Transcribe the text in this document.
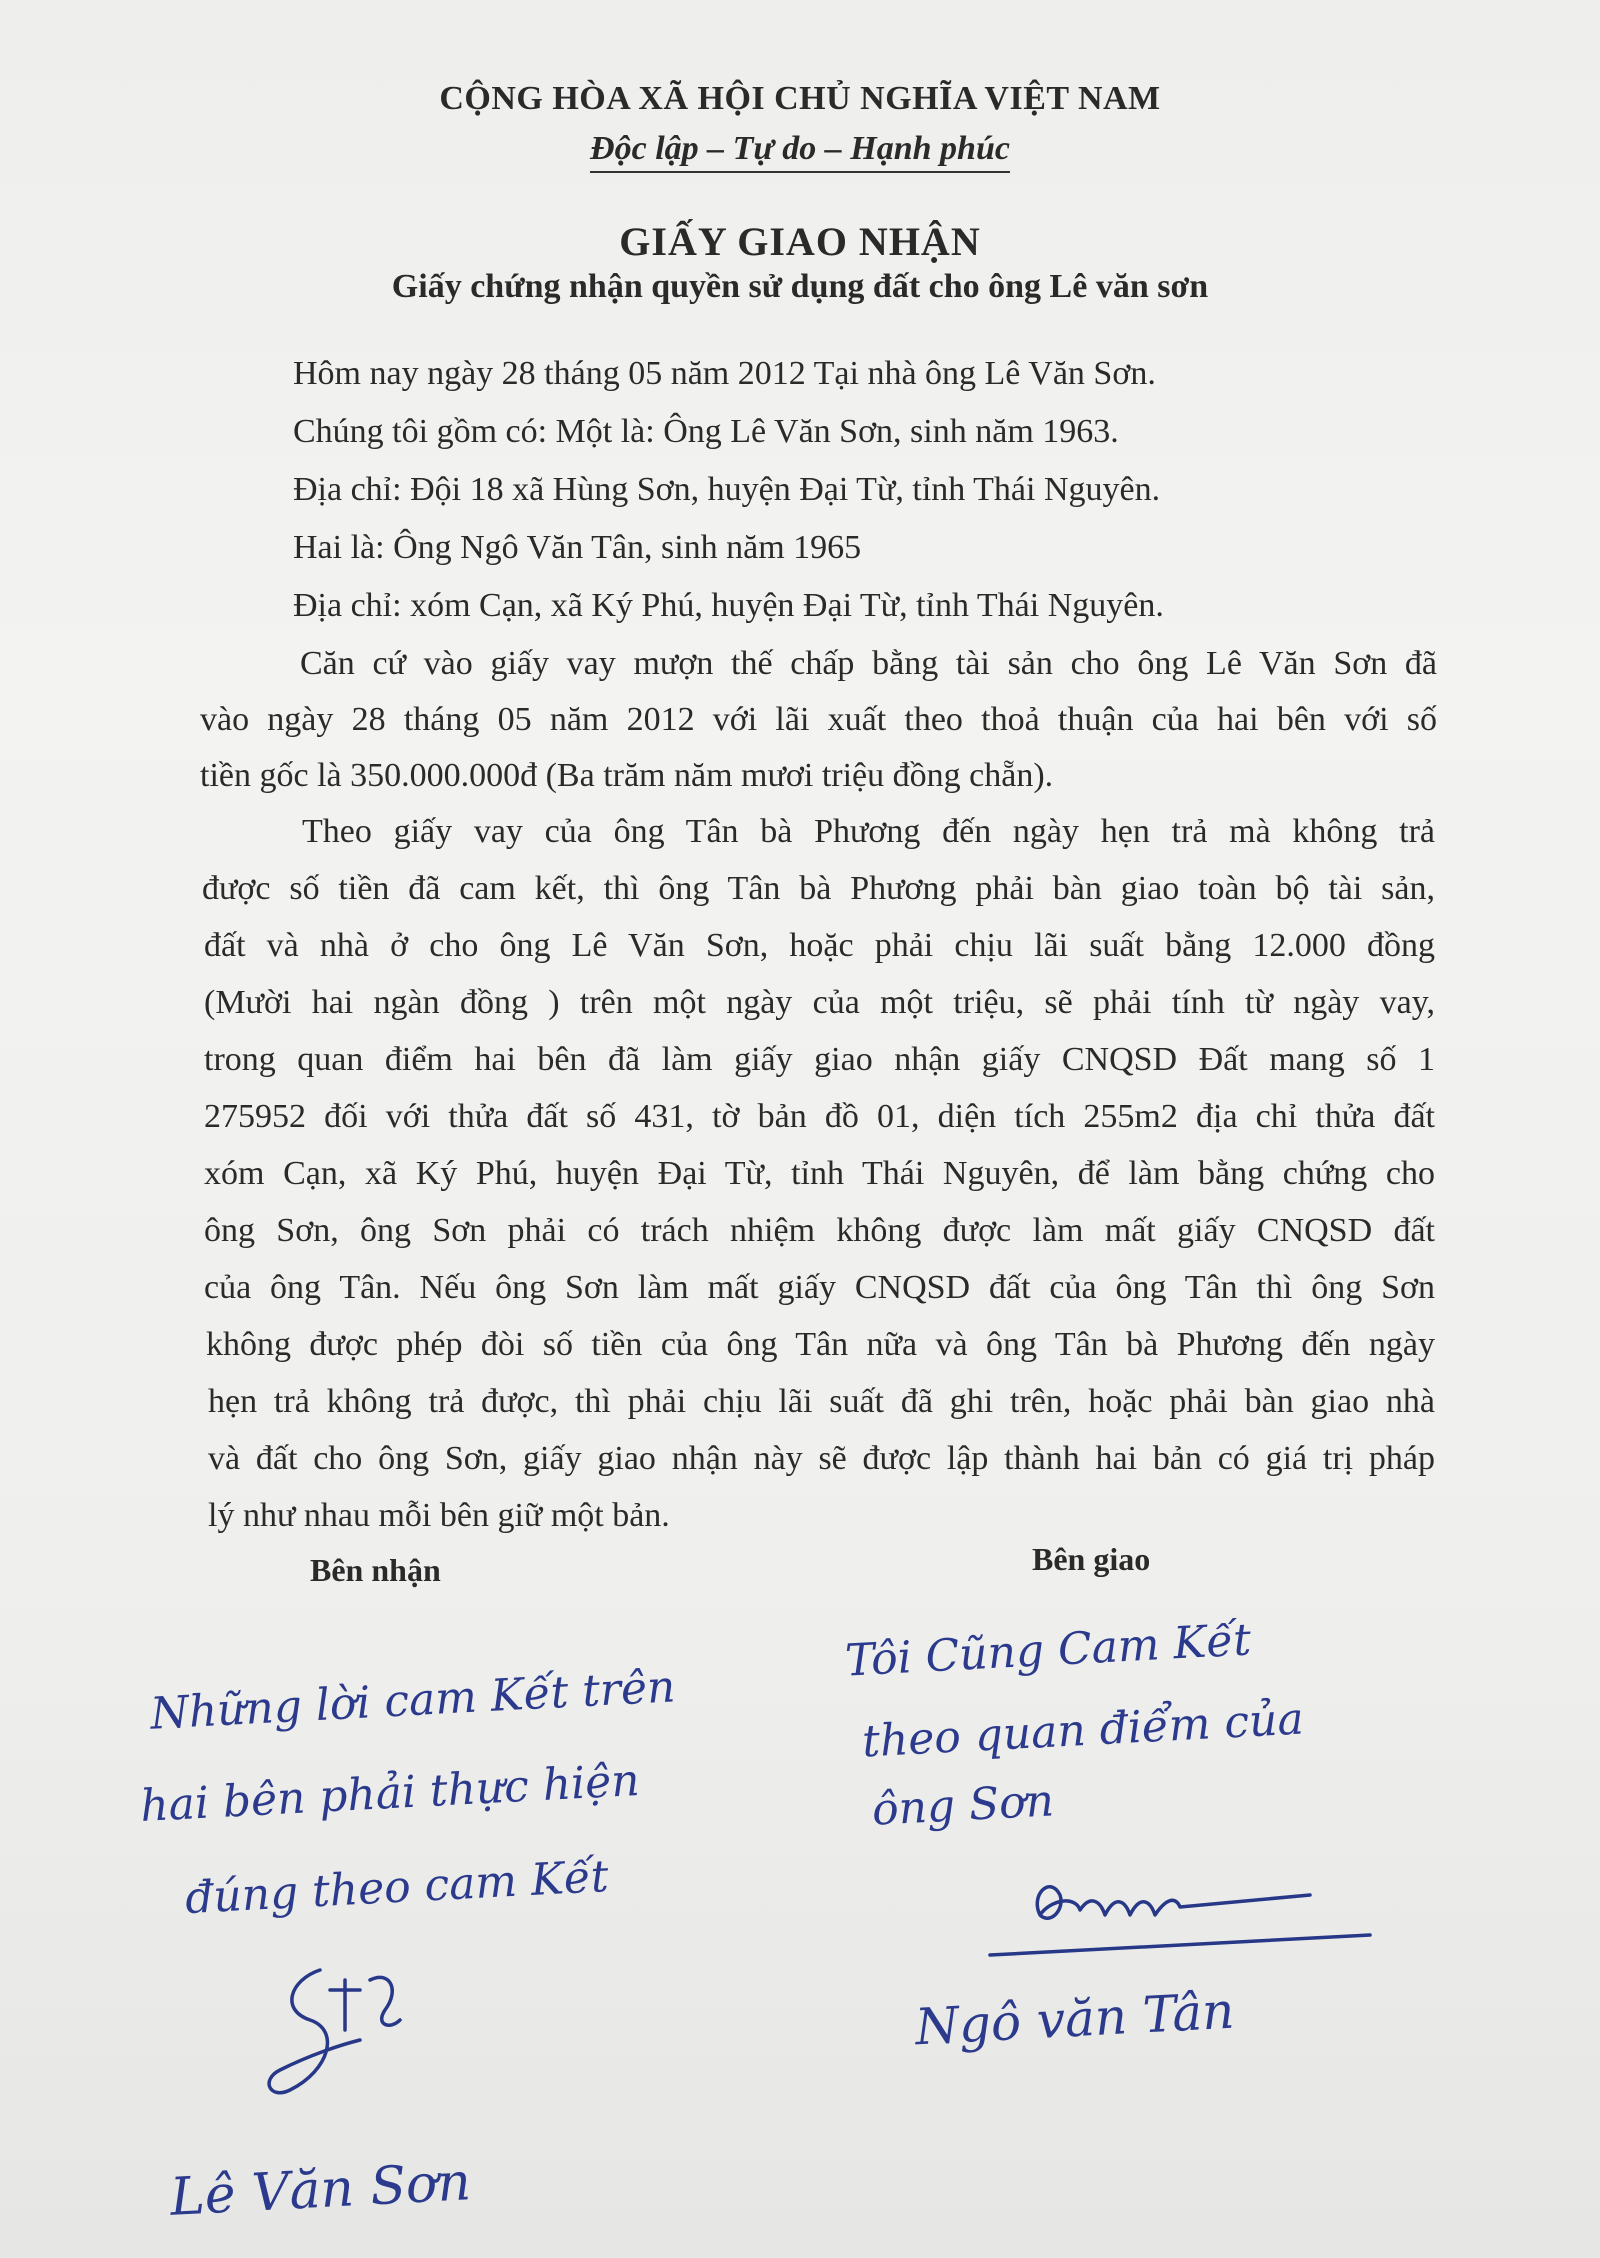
CỘNG HÒA XÃ HỘI CHỦ NGHĨA VIỆT NAM
Độc lập – Tự do – Hạnh phúc
GIẤY GIAO NHẬN
Giấy chứng nhận quyền sử dụng đất cho ông Lê văn sơn
Hôm nay ngày 28 tháng 05 năm 2012 Tại nhà ông Lê Văn Sơn.
Chúng tôi gồm có: Một là: Ông Lê Văn Sơn, sinh năm 1963.
Địa chỉ: Đội 18 xã Hùng Sơn, huyện Đại Từ, tỉnh Thái Nguyên.
Hai là: Ông Ngô Văn Tân, sinh năm 1965
Địa chỉ: xóm Cạn, xã Ký Phú, huyện Đại Từ, tỉnh Thái Nguyên.
Căn cứ vào giấy vay mượn thế chấp bằng tài sản cho ông Lê Văn Sơn đã
vào ngày 28 tháng 05 năm 2012 với lãi xuất theo thoả thuận của hai bên với số
tiền gốc là 350.000.000đ (Ba trăm năm mươi triệu đồng chẵn).
Theo giấy vay của ông Tân bà Phương đến ngày hẹn trả mà không trả
được số tiền đã cam kết, thì ông Tân bà Phương phải bàn giao toàn bộ tài sản,
đất và nhà ở cho ông Lê Văn Sơn, hoặc phải chịu lãi suất bằng 12.000 đồng
(Mười hai ngàn đồng ) trên một ngày của một triệu, sẽ phải tính từ ngày vay,
trong quan điểm hai bên đã làm giấy giao nhận giấy CNQSD Đất mang số 1
275952 đối với thửa đất số 431, tờ bản đồ 01, diện tích 255m2 địa chỉ thửa đất
xóm Cạn, xã Ký Phú, huyện Đại Từ, tỉnh Thái Nguyên, để làm bằng chứng cho
ông Sơn, ông Sơn phải có trách nhiệm không được làm mất giấy CNQSD đất
của ông Tân. Nếu ông Sơn làm mất giấy CNQSD đất của ông Tân thì ông Sơn
không được phép đòi số tiền của ông Tân nữa và ông Tân bà Phương đến ngày
hẹn trả không trả được, thì phải chịu lãi suất đã ghi trên, hoặc phải bàn giao nhà
và đất cho ông Sơn, giấy giao nhận này sẽ được lập thành hai bản có giá trị pháp
lý như nhau mỗi bên giữ một bản.
Bên nhận	Bên giao
Những lời cam Kết trên
hai bên phải thực hiện
đúng theo cam Kết
Lê Văn Sơn
Tôi Cũng Cam Kết
theo quan điểm của
ông Sơn
Ngô văn Tân
